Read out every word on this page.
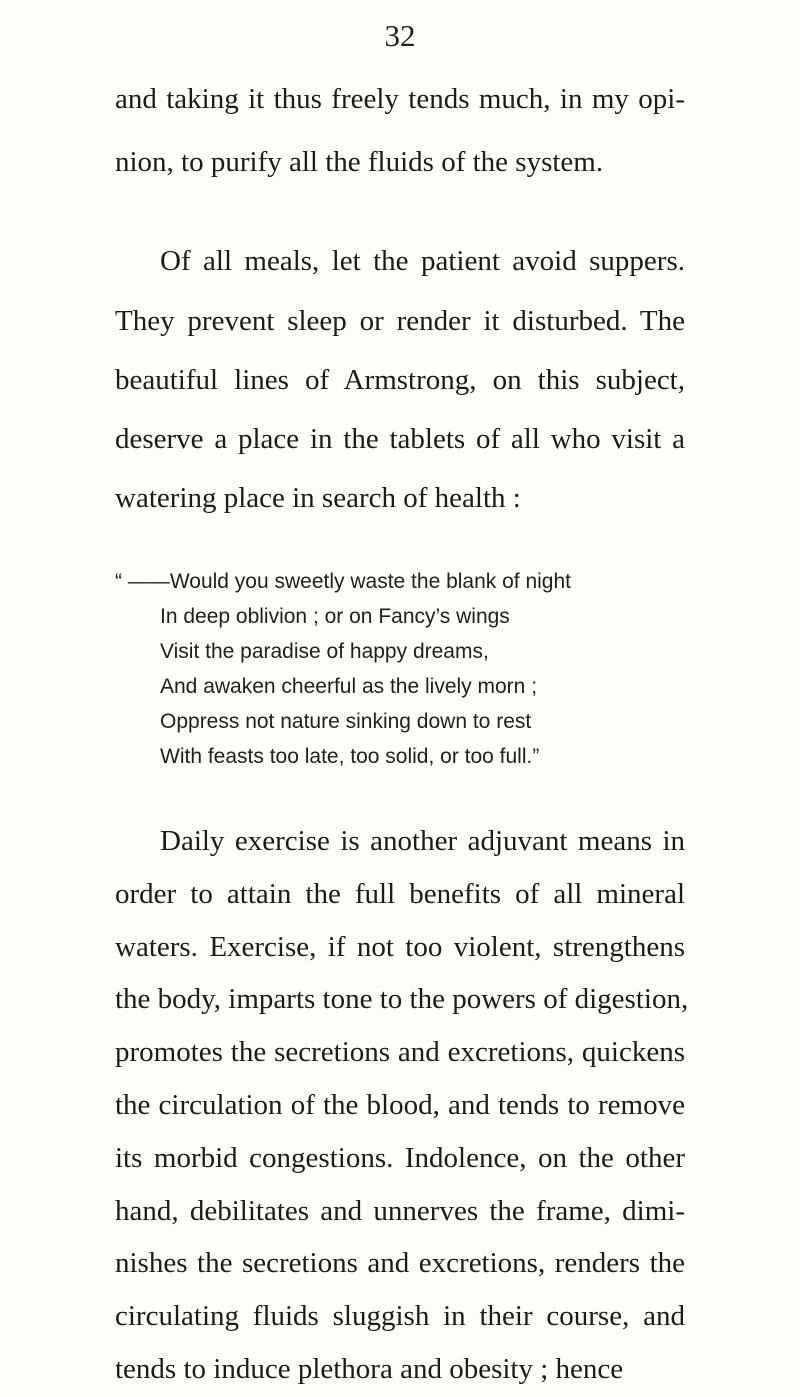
32
and taking it thus freely tends much, in my opi-
nion, to purify all the fluids of the system.
Of all meals, let the patient avoid suppers.
They prevent sleep or render it disturbed. The
beautiful lines of Armstrong, on this subject,
deserve a place in the tablets of all who visit a
watering place in search of health :
“ ——Would you sweetly waste the blank of night
In deep oblivion ; or on Fancy’s wings
Visit the paradise of happy dreams,
And awaken cheerful as the lively morn ;
Oppress not nature sinking down to rest
With feasts too late, too solid, or too full.”
Daily exercise is another adjuvant means in
order to attain the full benefits of all mineral
waters. Exercise, if not too violent, strengthens
the body, imparts tone to the powers of digestion,
promotes the secretions and excretions, quickens
the circulation of the blood, and tends to remove
its morbid congestions. Indolence, on the other
hand, debilitates and unnerves the frame, dimi-
nishes the secretions and excretions, renders the
circulating fluids sluggish in their course, and
tends to induce plethora and obesity ; hence
